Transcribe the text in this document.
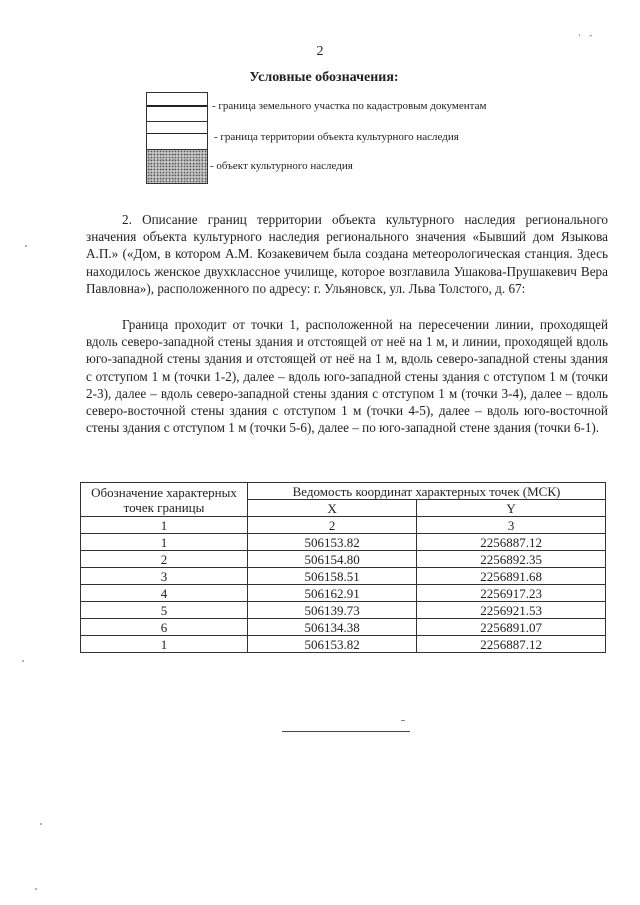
2
· -
Условные обозначения:
- граница земельного участка по кадастровым документам
- граница территории объекта культурного наследия
- объект культурного наследия

2. Описание границ территории объекта культурного наследия регионального значения объекта культурного наследия регионального значения «Бывший дом Языкова А.П.» («Дом, в котором А.М. Козакевичем была создана метеорологическая станция. Здесь находилось женское двухклассное училище, которое возглавила Ушакова-Прушакевич Вера Павловна»), расположенного по адресу: г. Ульяновск, ул. Льва Толстого, д. 67:

Граница проходит от точки 1, расположенной на пересечении линии, проходящей вдоль северо-западной стены здания и отстоящей от неё на 1 м, и линии, проходящей вдоль юго-западной стены здания и отстоящей от неё на 1 м, вдоль северо-западной стены здания с отступом 1 м (точки 1-2), далее – вдоль юго-западной стены здания с отступом 1 м (точки 2-3), далее – вдоль северо-западной стены здания с отступом 1 м (точки 3-4), далее – вдоль северо-восточной стены здания с отступом 1 м (точки 4-5), далее – вдоль юго-восточной стены здания с отступом 1 м (точки 5-6), далее – по юго-западной стене здания (точки 6-1).

Обозначение характерных точек границы	Ведомость координат характерных точек (МСК)	
	X	Y
1	2	3
1	506153.82	2256887.12
2	506154.80	2256892.35
3	506158.51	2256891.68
4	506162.91	2256917.23
5	506139.73	2256921.53
6	506134.38	2256891.07
1	506153.82	2256887.12
